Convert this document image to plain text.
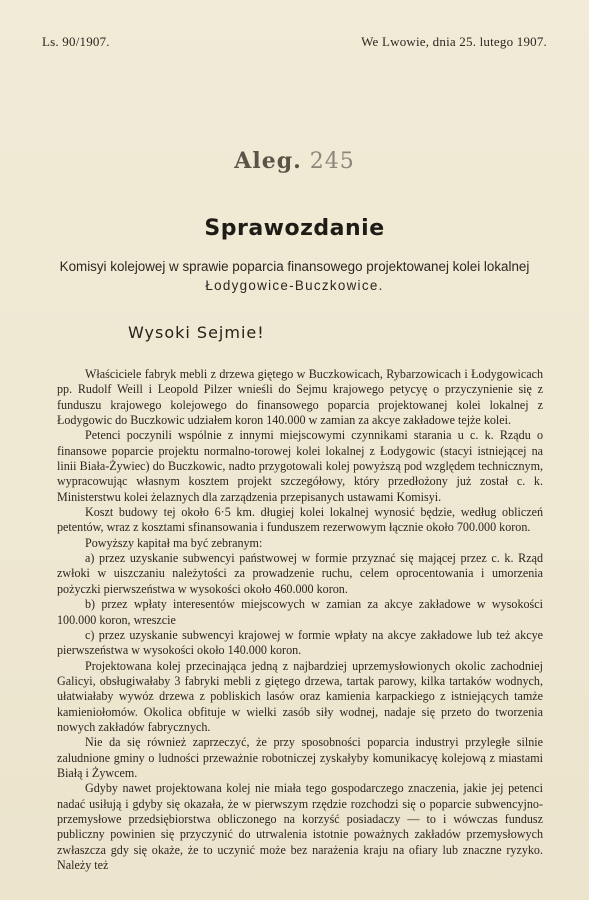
Ls. 90/1907.	We Lwowie, dnia 25. lutego 1907.
Aleg. 245
Sprawozdanie
Komisyi kolejowej w sprawie poparcia finansowego projektowanej kolei lokalnej
Łodygowice-Buczkowice.
Wysoki Sejmie!

Właściciele fabryk mebli z drzewa giętego w Buczkowicach, Rybarzowicach i Łodygowicach pp. Rudolf Weill i Leopold Pilzer wnieśli do Sejmu krajowego petycyę o przyczynienie się z funduszu krajowego kolejowego do finansowego poparcia projektowanej kolei lokalnej z Łodygowic do Buczkowic udziałem koron 140.000 w zamian za akcye zakładowe tejże kolei.

Petenci poczynili wspólnie z innymi miejscowymi czynnikami starania u c. k. Rządu o finansowe poparcie projektu normalno-torowej kolei lokalnej z Łodygowic (stacyi istniejącej na linii Biała-Żywiec) do Buczkowic, nadto przygotowali kolej powyższą pod względem technicznym, wypracowując własnym kosztem projekt szczegółowy, który przedłożony już został c. k. Ministerstwu kolei żelaznych dla zarządzenia przepisanych ustawami Komisyi.

Koszt budowy tej około 6·5 km. długiej kolei lokalnej wynosić będzie, według obliczeń petentów, wraz z kosztami sfinansowania i funduszem rezerwowym łącznie około 700.000 koron.

Powyższy kapitał ma być zebranym:

a) przez uzyskanie subwencyi państwowej w formie przyznać się mającej przez c. k. Rząd zwłoki w uiszczaniu należytości za prowadzenie ruchu, celem oprocentowania i umorzenia pożyczki pierwszeństwa w wysokości około 460.000 koron.

b) przez wpłaty interesentów miejscowych w zamian za akcye zakładowe w wysokości 100.000 koron, wreszcie

c) przez uzyskanie subwencyi krajowej w formie wpłaty na akcye zakładowe lub też akcye pierwszeństwa w wysokości około 140.000 koron.

Projektowana kolej przecinająca jedną z najbardziej uprzemysłowionych okolic zachodniej Galicyi, obsługiwałaby 3 fabryki mebli z giętego drzewa, tartak parowy, kilka tartaków wodnych, ułatwiałaby wywóz drzewa z pobliskich lasów oraz kamienia karpackiego z istniejących tamże kamieniołomów. Okolica obfituje w wielki zasób siły wodnej, nadaje się przeto do tworzenia nowych zakładów fabrycznych.

Nie da się również zaprzeczyć, że przy sposobności poparcia industryi przyległe silnie zaludnione gminy o ludności przeważnie robotniczej zyskałyby komunikacyę kolejową z miastami Białą i Żywcem.

Gdyby nawet projektowana kolej nie miała tego gospodarczego znaczenia, jakie jej petenci nadać usiłują i gdyby się okazała, że w pierwszym rzędzie rozchodzi się o poparcie subwencyjno-przemysłowe przedsiębiorstwa obliczonego na korzyść posiadaczy — to i wówczas fundusz publiczny powinien się przyczynić do utrwalenia istotnie poważnych zakładów przemysłowych zwłaszcza gdy się okaże, że to uczynić może bez narażenia kraju na ofiary lub znaczne ryzyko. Należy też
